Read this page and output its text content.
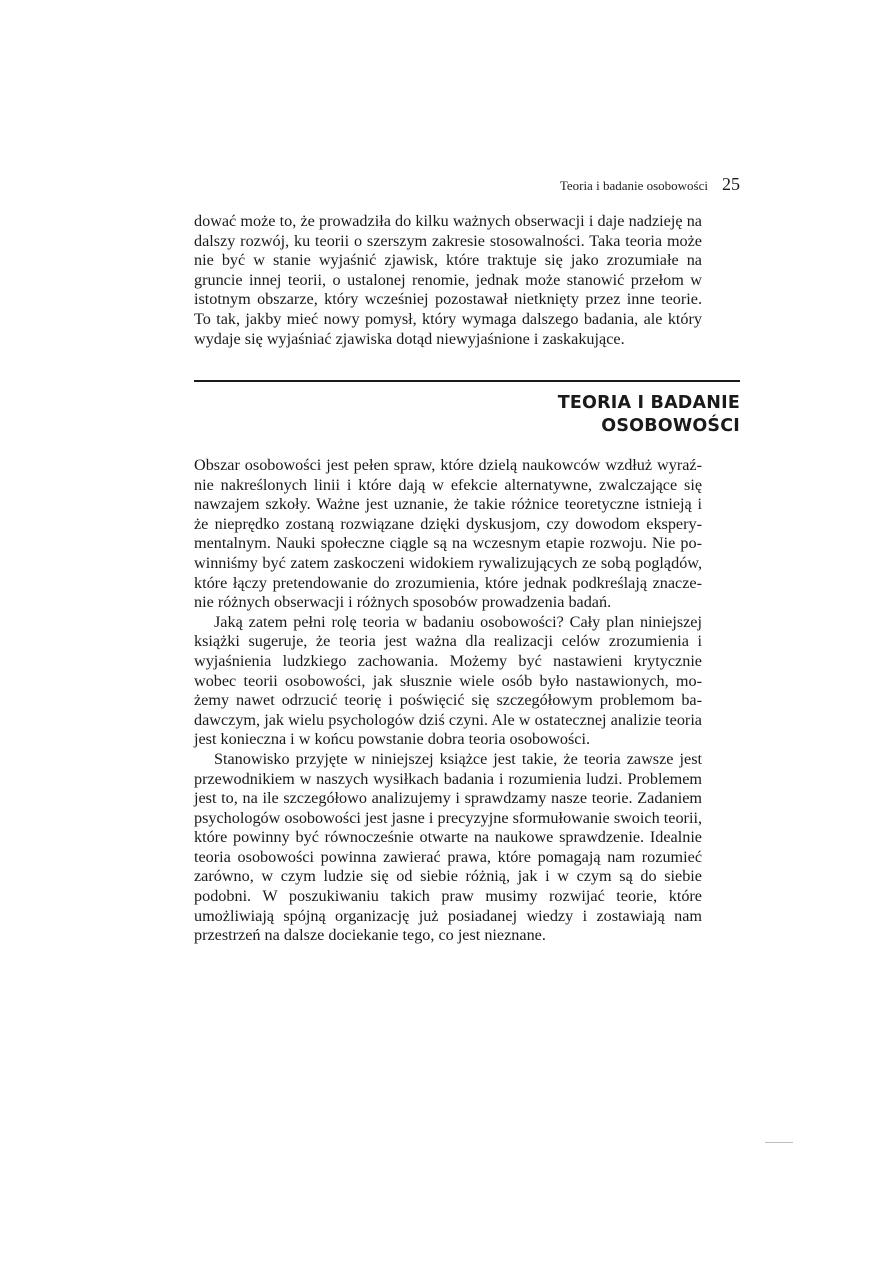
Teoria i badanie osobowości 25

dować może to, że prowadziła do kilku ważnych obserwacji i daje nadzieję na dalszy rozwój, ku teorii o szerszym zakresie stosowalności. Taka teoria może nie być w stanie wyjaśnić zjawisk, które traktuje się jako zrozumiałe na gruncie innej teorii, o ustalonej renomie, jednak może stanowić przełom w istotnym obszarze, który wcześniej pozostawał nietknięty przez inne teorie. To tak, jakby mieć nowy pomysł, który wymaga dalszego badania, ale który wydaje się wyjaśniać zjawiska dotąd niewyjaśnione i zaskakujące.

TEORIA I BADANIE
OSOBOWOŚCI

Obszar osobowości jest pełen spraw, które dzielą naukowców wzdłuż wyraźnie nakreślonych linii i które dają w efekcie alternatywne, zwalczające się nawzajem szkoły. Ważne jest uznanie, że takie różnice teoretyczne istnieją i że nieprędko zostaną rozwiązane dzięki dyskusjom, czy dowodom eksperymentalnym. Nauki społeczne ciągle są na wczesnym etapie rozwoju. Nie powinniśmy być zatem zaskoczeni widokiem rywalizujących ze sobą poglądów, które łączy pretendowanie do zrozumienia, które jednak podkreślają znaczenie różnych obserwacji i różnych sposobów prowadzenia badań.

Jaką zatem pełni rolę teoria w badaniu osobowości? Cały plan niniejszej książki sugeruje, że teoria jest ważna dla realizacji celów zrozumienia i wyjaśnienia ludzkiego zachowania. Możemy być nastawieni krytycznie wobec teorii osobowości, jak słusznie wiele osób było nastawionych, możemy nawet odrzucić teorię i poświęcić się szczegółowym problemom badawczym, jak wielu psychologów dziś czyni. Ale w ostatecznej analizie teoria jest konieczna i w końcu powstanie dobra teoria osobowości.

Stanowisko przyjęte w niniejszej książce jest takie, że teoria zawsze jest przewodnikiem w naszych wysiłkach badania i rozumienia ludzi. Problemem jest to, na ile szczegółowo analizujemy i sprawdzamy nasze teorie. Zadaniem psychologów osobowości jest jasne i precyzyjne sformułowanie swoich teorii, które powinny być równocześnie otwarte na naukowe sprawdzenie. Idealnie teoria osobowości powinna zawierać prawa, które pomagają nam rozumieć zarówno, w czym ludzie się od siebie różnią, jak i w czym są do siebie podobni. W poszukiwaniu takich praw musimy rozwijać teorie, które umożliwiają spójną organizację już posiadanej wiedzy i zostawiają nam przestrzeń na dalsze dociekanie tego, co jest nieznane.
